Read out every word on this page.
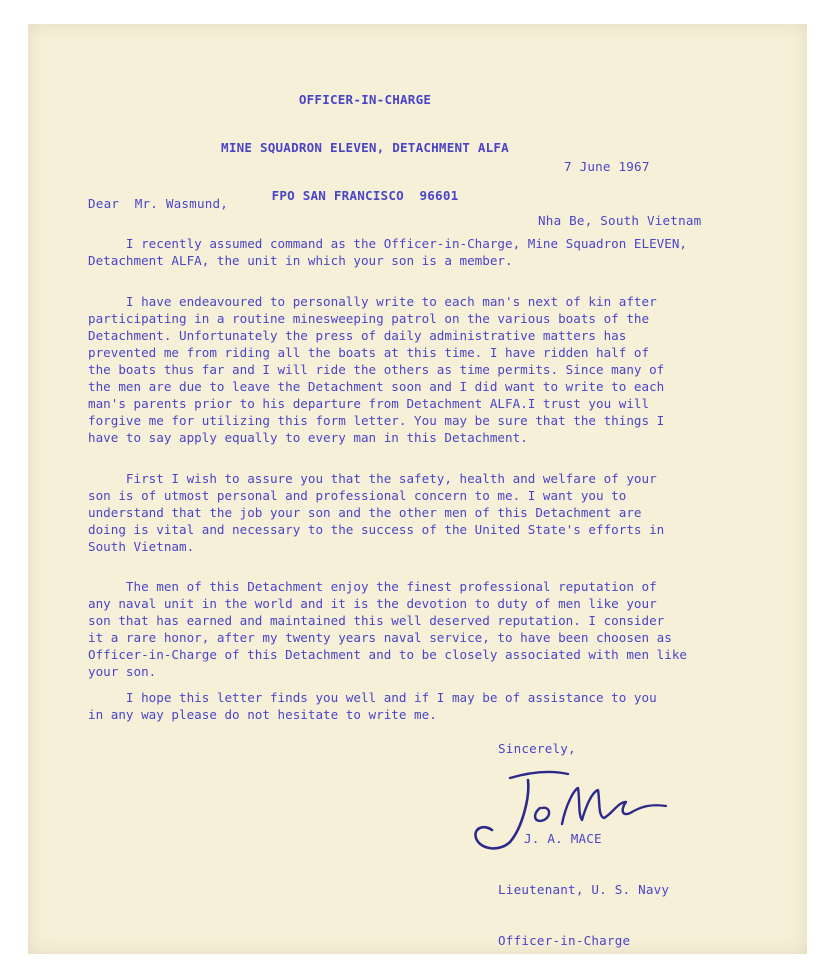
OFFICER-IN-CHARGE

MINE SQUADRON ELEVEN, DETACHMENT ALFA

FPO SAN FRANCISCO  96601

7 June 1967

Nha Be, South Vietnam

Dear  Mr. Wasmund,
I recently assumed command as the Officer-in-Charge, Mine Squadron ELEVEN,
Detachment ALFA, the unit in which your son is a member.
I have endeavoured to personally write to each man's next of kin after
participating in a routine minesweeping patrol on the various boats of the
Detachment. Unfortunately the press of daily administrative matters has
prevented me from riding all the boats at this time. I have ridden half of
the boats thus far and I will ride the others as time permits. Since many of
the men are due to leave the Detachment soon and I did want to write to each
man's parents prior to his departure from Detachment ALFA.I trust you will
forgive me for utilizing this form letter. You may be sure that the things I
have to say apply equally to every man in this Detachment.
First I wish to assure you that the safety, health and welfare of your
son is of utmost personal and professional concern to me. I want you to
understand that the job your son and the other men of this Detachment are
doing is vital and necessary to the success of the United State's efforts in
South Vietnam.
The men of this Detachment enjoy the finest professional reputation of
any naval unit in the world and it is the devotion to duty of men like your
son that has earned and maintained this well deserved reputation. I consider
it a rare honor, after my twenty years naval service, to have been choosen as
Officer-in-Charge of this Detachment and to be closely associated with men like
your son.
I hope this letter finds you well and if I may be of assistance to you
in any way please do not hesitate to write me.
Sincerely,

J. A. MACE

Lieutenant, U. S. Navy

Officer-in-Charge
